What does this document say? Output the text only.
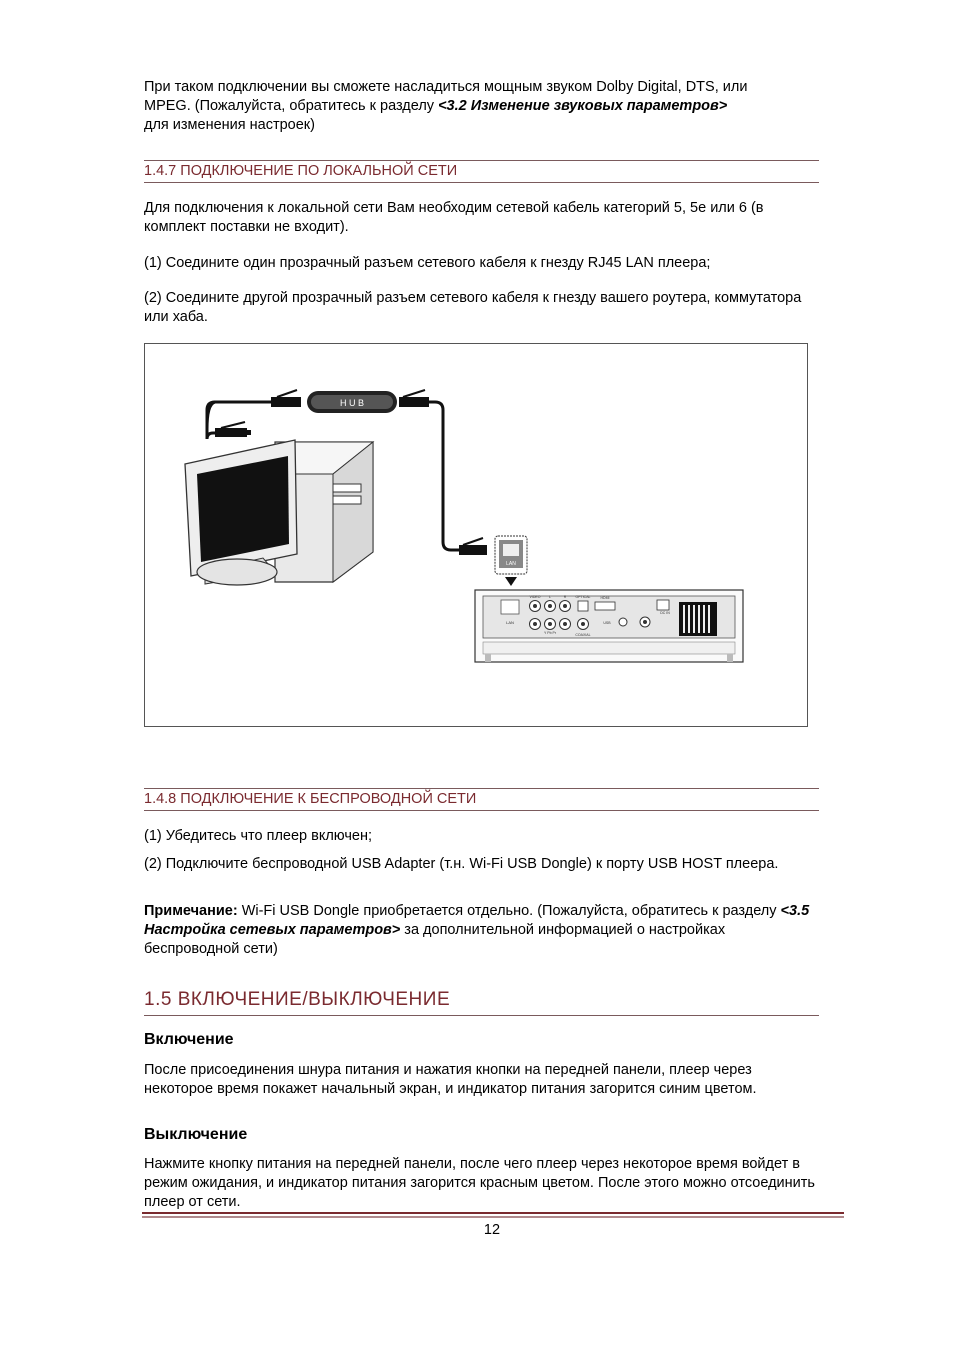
При таком подключении вы сможете насладиться мощным звуком Dolby Digital, DTS, или
MPEG. (Пожалуйста, обратитесь к разделу <3.2 Изменение звуковых параметров>
для изменения настроек)

1.4.7 ПОДКЛЮЧЕНИЕ ПО ЛОКАЛЬНОЙ СЕТИ

Для подключения к локальной сети Вам необходим сетевой кабель категорий 5, 5е или 6 (в комплект поставки не входит).

(1) Соедините один прозрачный разъем сетевого кабеля к гнезду RJ45 LAN плеера;

(2) Соедините другой прозрачный разъем сетевого кабеля к гнезду вашего роутера, коммутатора или хаба.

H U B
LAN
LAN
VIDEO L	R
Y Pb Pr
OPTICAL
COAXIAL
HDMI
USB
DC IN
1.4.8 ПОДКЛЮЧЕНИЕ К БЕСПРОВОДНОЙ СЕТИ

(1) Убедитесь что плеер включен;

(2) Подключите беспроводной USB Adapter (т.н. Wi-Fi USB Dongle) к порту USB HOST плеера.

Примечание: Wi-Fi USB Dongle приобретается отдельно. (Пожалуйста, обратитесь к разделу <3.5 Настройка сетевых параметров> за дополнительной информацией о настройках беспроводной сети)

1.5 ВКЛЮЧЕНИЕ/ВЫКЛЮЧЕНИЕ

Включение

После присоединения шнура питания и нажатия кнопки на передней панели, плеер через некоторое время покажет начальный экран, и индикатор питания загорится синим цветом.

Выключение

Нажмите кнопку питания на передней панели, после чего плеер через некоторое время войдет в режим ожидания, и индикатор питания загорится красным цветом. После этого можно отсоединить плеер от сети.

12
